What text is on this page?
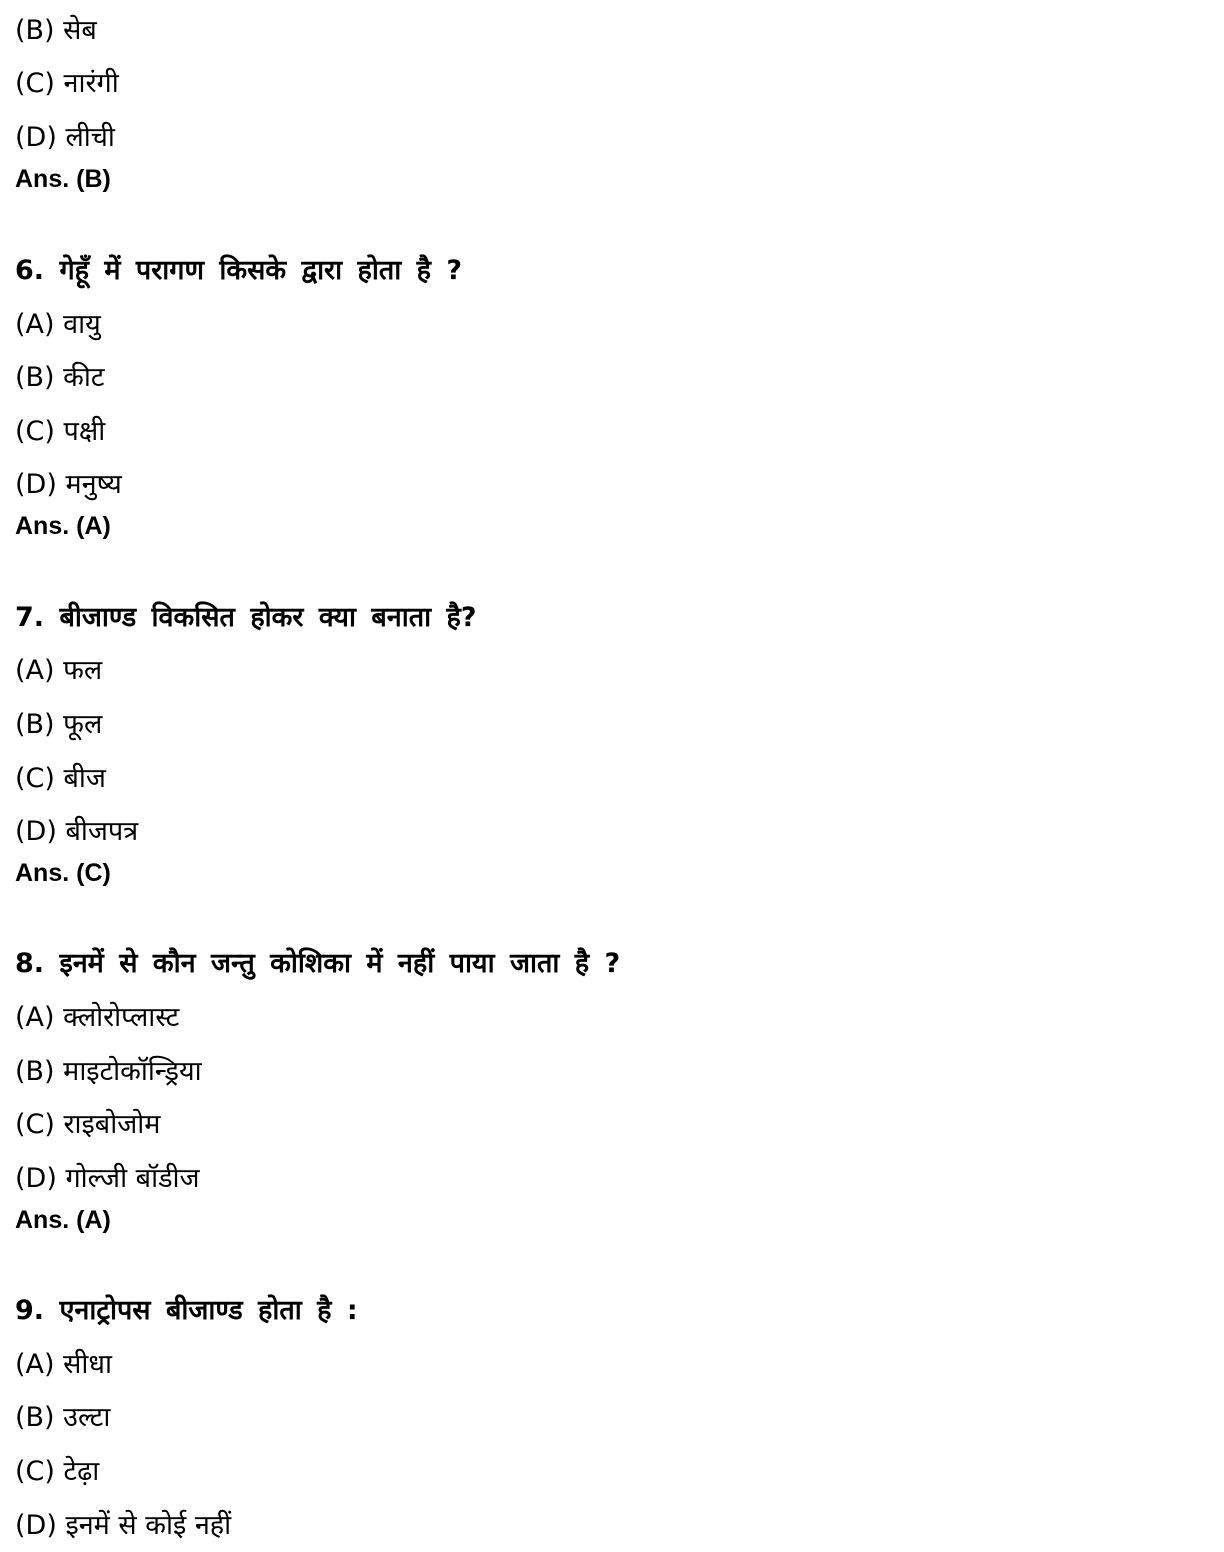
(B) सेब
(C) नारंगी
(D) लीची
Ans. (B)
6. गेहूँ में परागण किसके द्वारा होता है ?
(A) वायु
(B) कीट
(C) पक्षी
(D) मनुष्य
Ans. (A)
7. बीजाण्ड विकसित होकर क्या बनाता है?
(A) फल
(B) फूल
(C) बीज
(D) बीजपत्र
Ans. (C)
8. इनमें से कौन जन्तु कोशिका में नहीं पाया जाता है ?
(A) क्लोरोप्लास्ट
(B) माइटोकॉन्ड्रिया
(C) राइबोजोम
(D) गोल्जी बॉडीज
Ans. (A)
9. एनाट्रोपस बीजाण्ड होता है :
(A) सीधा
(B) उल्टा
(C) टेढ़ा
(D) इनमें से कोई नहीं
